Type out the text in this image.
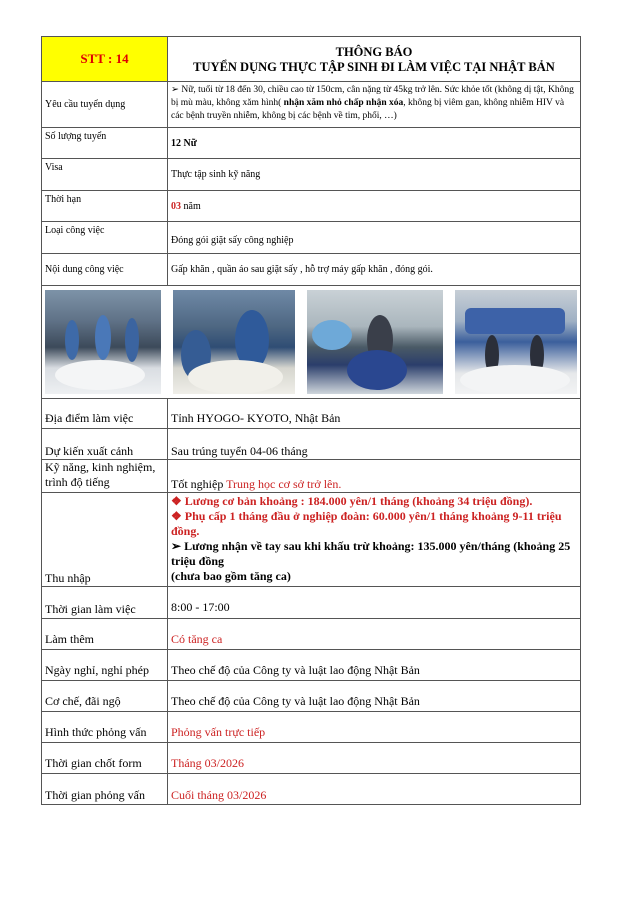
STT : 14	THÔNG BÁO
TUYỂN DỤNG THỰC TẬP SINH ĐI LÀM VIỆC TẠI NHẬT BẢN

Yêu cầu tuyển dụng	➢ Nữ, tuổi từ 18 đến 30, chiều cao từ 150cm, cân nặng từ 45kg trở lên. Sức khỏe tốt (không dị tật, Không bị mù màu, không xăm hình( nhận xăm nhỏ chấp nhận xóa, không bị viêm gan, không nhiễm HIV và các bệnh truyền nhiễm, không bị các bệnh về tim, phổi, …)
Số lượng tuyển	12 Nữ
Visa	Thực tập sinh kỹ năng
Thời hạn	03 năm
Loại công việc	Đóng gói giặt sấy công nghiệp
Nội dung công việc	Gấp khăn , quần áo sau giặt sấy , hỗ trợ máy gấp khăn , đóng gói.

Địa điểm làm việc	Tỉnh HYOGO- KYOTO, Nhật Bản
Dự kiến xuất cảnh	Sau trúng tuyển 04-06 tháng
Kỹ năng, kinh nghiệm, trình độ tiếng	Tốt nghiệp Trung học cơ sở trở lên.
Thu nhập	❖ Lương cơ bản khoảng : 184.000 yên/1 tháng (khoảng 34 triệu đồng).
❖ Phụ cấp 1 tháng đầu ở nghiệp đoàn: 60.000 yên/1 tháng khoảng 9-11 triệu đồng.
➢ Lương nhận về tay sau khi khấu trừ khoảng: 135.000 yên/tháng (khoảng 25 triệu đồng
(chưa bao gồm tăng ca)

Thời gian làm việc	8:00 - 17:00
Làm thêm	Có tăng ca
Ngày nghỉ, nghỉ phép	Theo chế độ của Công ty và luật lao động Nhật Bản
Cơ chế, đãi ngộ	Theo chế độ của Công ty và luật lao động Nhật Bản
Hình thức phỏng vấn	Phỏng vấn trực tiếp
Thời gian chốt form	Tháng 03/2026
Thời gian phỏng vấn	Cuối tháng 03/2026
